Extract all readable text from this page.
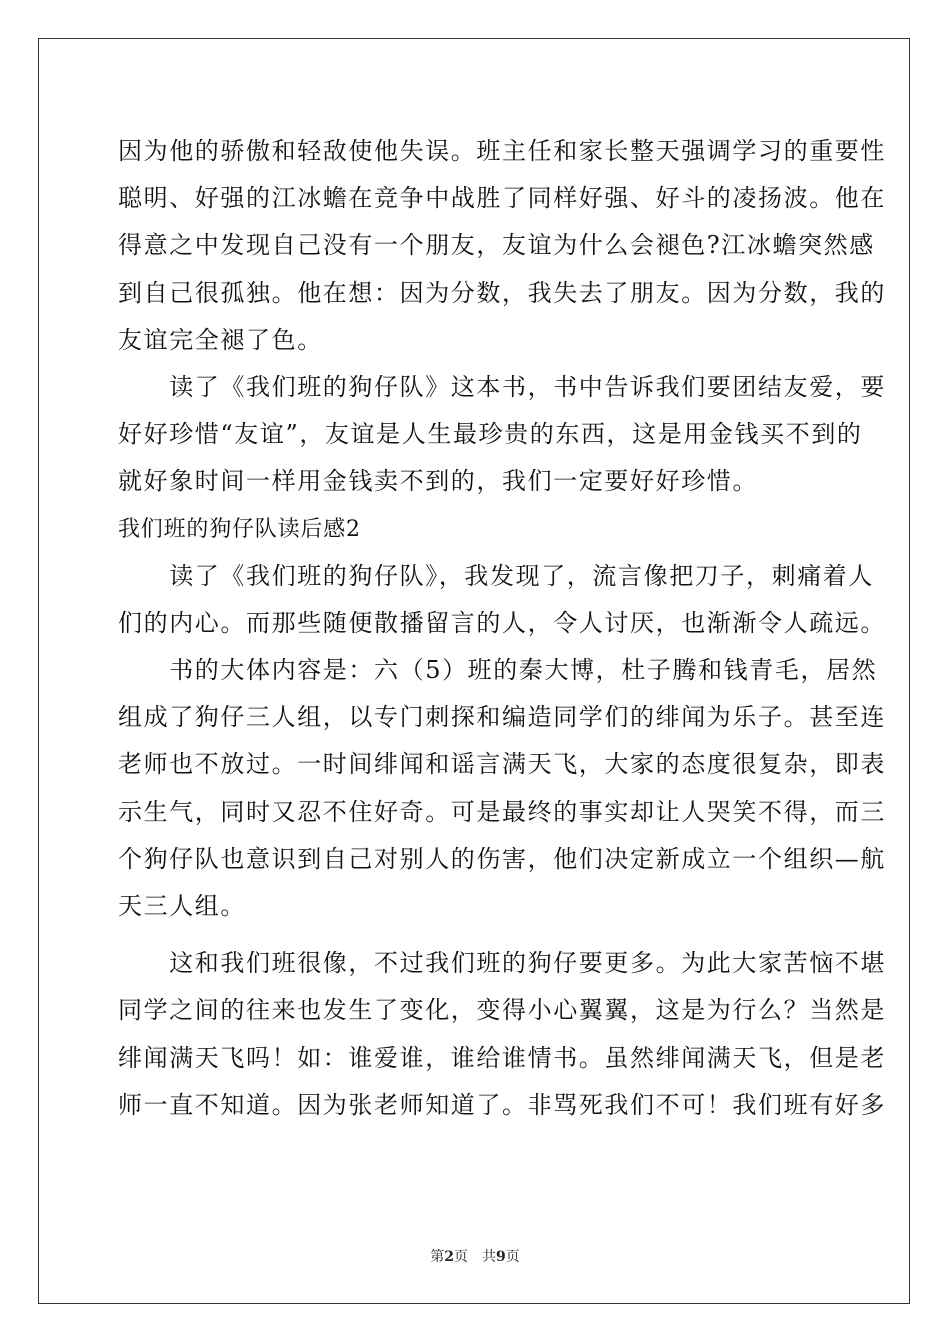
因为他的骄傲和轻敌使他失误。班主任和家长整天强调学习的重要性
聪明、好强的江冰蟾在竞争中战胜了同样好强、好斗的凌扬波。他在
得意之中发现自己没有一个朋友，友谊为什么会褪色?江冰蟾突然感
到自己很孤独。他在想：因为分数，我失去了朋友。因为分数，我的
友谊完全褪了色。
　　读了《我们班的狗仔队》这本书，书中告诉我们要团结友爱，要
好好珍惜“友谊”，友谊是人生最珍贵的东西，这是用金钱买不到的
就好象时间一样用金钱卖不到的，我们一定要好好珍惜。
我们班的狗仔队读后感2
　　读了《我们班的狗仔队》，我发现了，流言像把刀子，刺痛着人
们的内心。而那些随便散播留言的人，令人讨厌，也渐渐令人疏远。
　　书的大体内容是：六（5）班的秦大博，杜子腾和钱青毛，居然
组成了狗仔三人组，以专门刺探和编造同学们的绯闻为乐子。甚至连
老师也不放过。一时间绯闻和谣言满天飞，大家的态度很复杂，即表
示生气，同时又忍不住好奇。可是最终的事实却让人哭笑不得，而三
个狗仔队也意识到自己对别人的伤害，他们决定新成立一个组织—航
天三人组。
　　这和我们班很像，不过我们班的狗仔要更多。为此大家苦恼不堪
同学之间的往来也发生了变化，变得小心翼翼，这是为行么？当然是
绯闻满天飞吗！如：谁爱谁，谁给谁情书。虽然绯闻满天飞，但是老
师一直不知道。因为张老师知道了。非骂死我们不可！我们班有好多
第2页　共9页
